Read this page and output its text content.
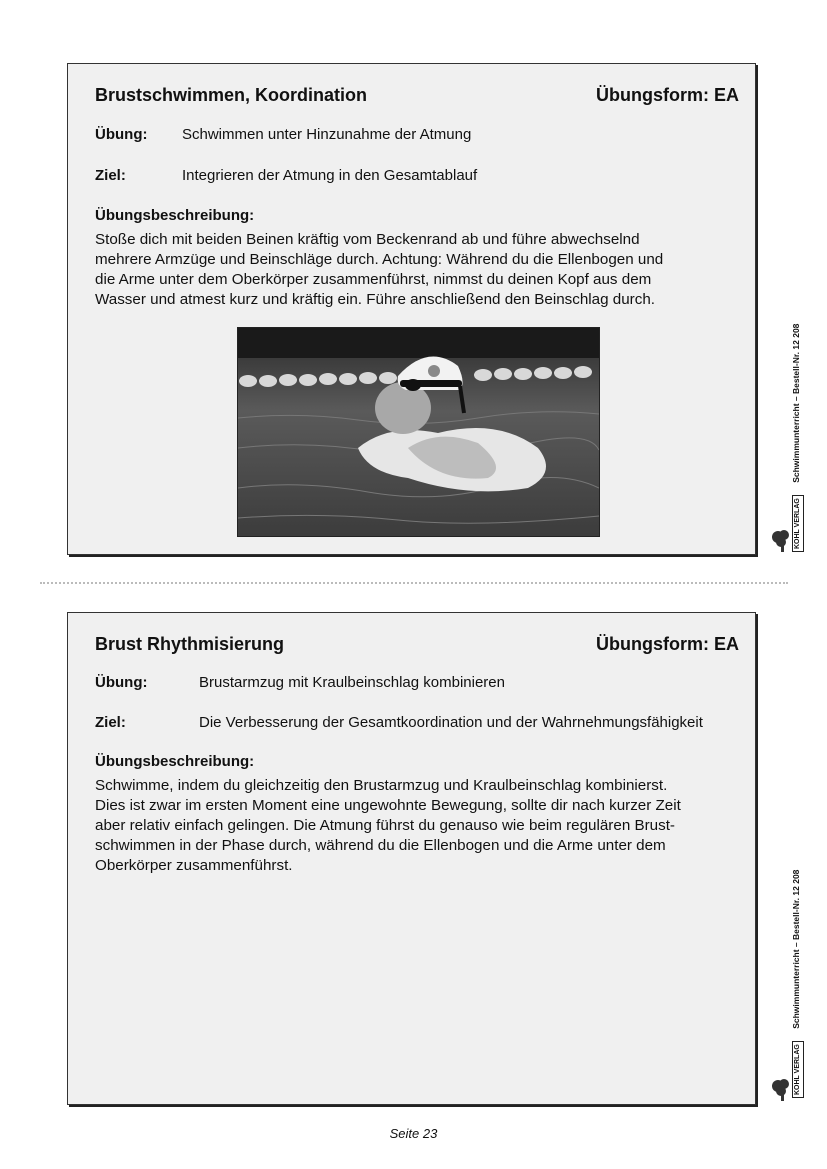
Brustschwimmen, Koordination	Übungsform: EA
Übung: Schwimmen unter Hinzunahme der Atmung
Ziel:	Integrieren der Atmung in den Gesamtablauf
Übungsbeschreibung:
Stoße dich mit beiden Beinen kräftig vom Beckenrand ab und führe abwechselnd
mehrere Armzüge und Beinschläge durch. Achtung: Während du die Ellenbogen und
die Arme unter dem Oberkörper zusammenführst, nimmst du deinen Kopf aus dem
Wasser und atmest kurz und kräftig ein. Führe anschließend den Beinschlag durch.
Brust Rhythmisierung	Übungsform: EA
Übung:	Brustarmzug mit Kraulbeinschlag kombinieren
Ziel:	Die Verbesserung der Gesamtkoordination und der Wahrnehmungsfähigkeit
Übungsbeschreibung:
Schwimme, indem du gleichzeitig den Brustarmzug und Kraulbeinschlag kombinierst.
Dies ist zwar im ersten Moment eine ungewohnte Bewegung, sollte dir nach kurzer Zeit
aber relativ einfach gelingen. Die Atmung führst du genauso wie beim regulären Brust-
schwimmen in der Phase durch, während du die Ellenbogen und die Arme unter dem
Oberkörper zusammenführst.
KOHL VERLAG Schwimmunterricht – Bestell-Nr. 12 208
KOHL VERLAG Schwimmunterricht – Bestell-Nr. 12 208
Seite 23
